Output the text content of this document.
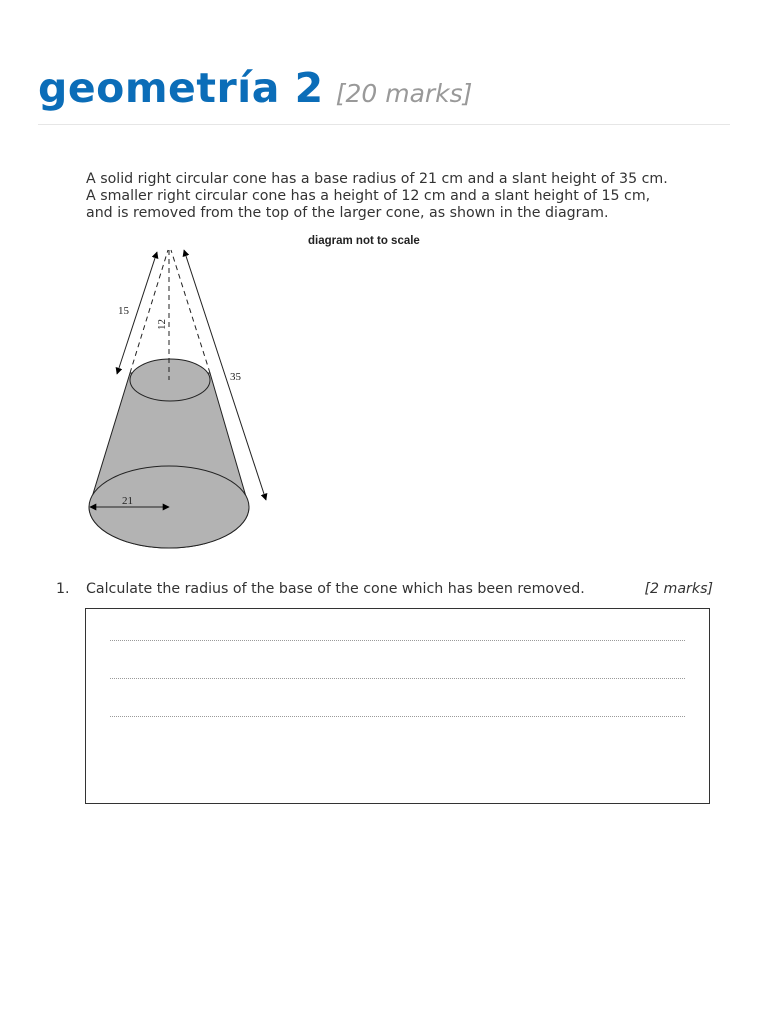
geometría 2 [20 marks]

A solid right circular cone has a base radius of 21 cm and a slant height of 35 cm.

A smaller right circular cone has a height of 12 cm and a slant height of 15 cm,

and is removed from the top of the larger cone, as shown in the diagram.

diagram not to scale
15
12
35
21
1. Calculate the radius of the base of the cone which has been removed.	[2 marks]
